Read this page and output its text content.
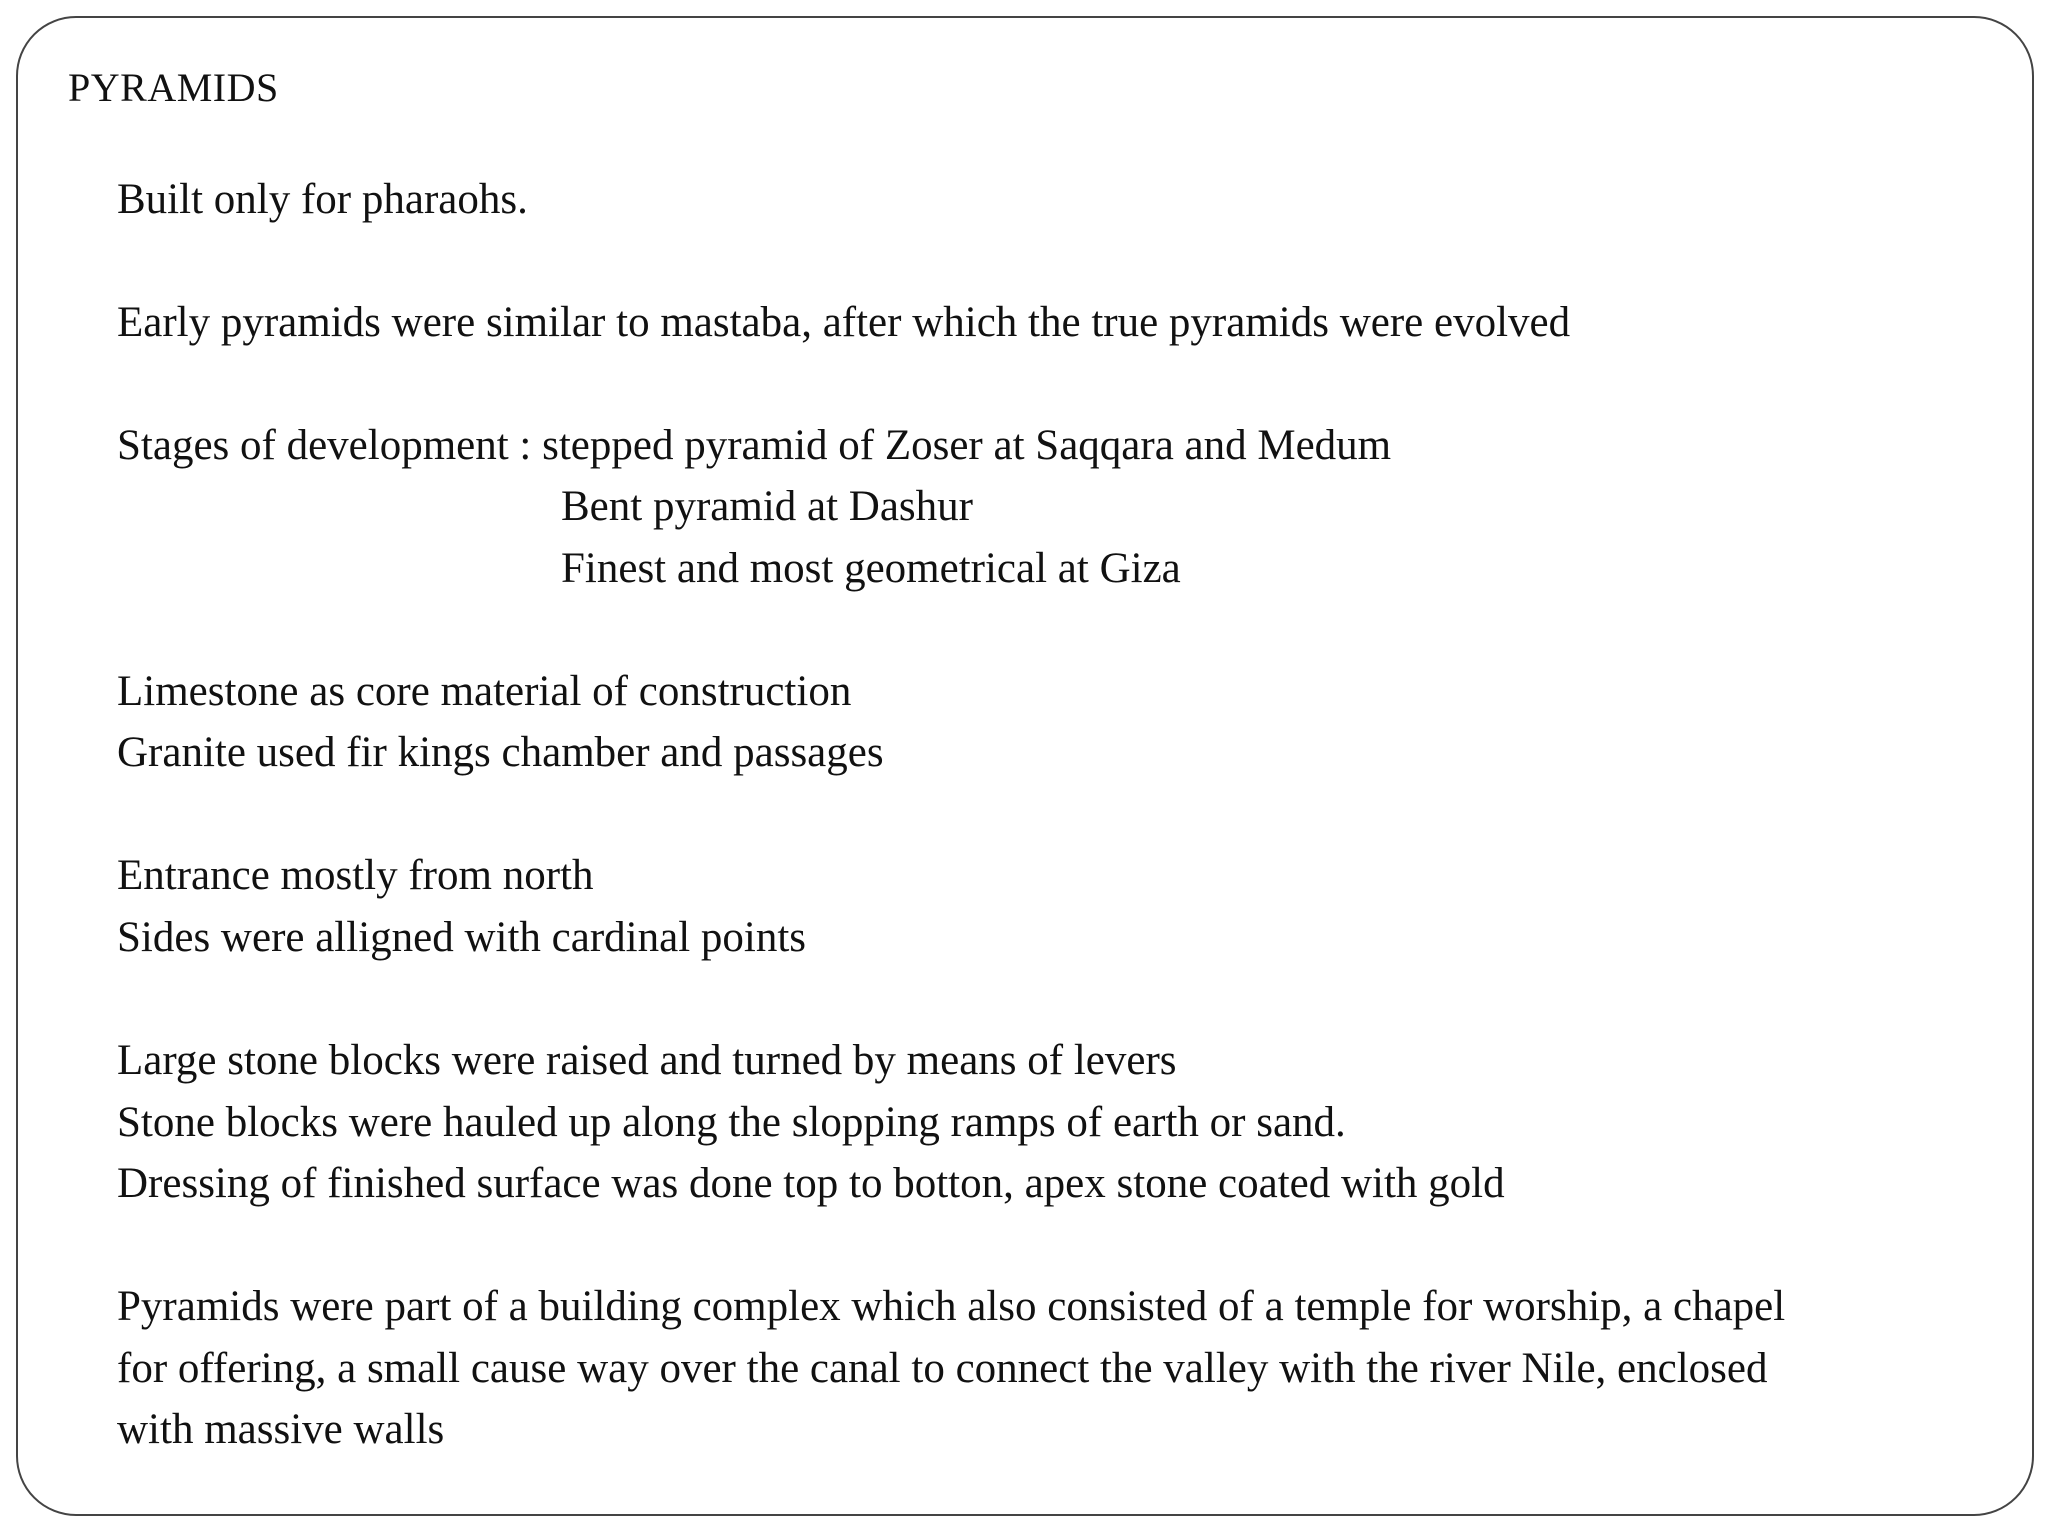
PYRAMIDS
Built only for pharaohs.
Early pyramids were similar to mastaba, after which the true pyramids were evolved
Stages of development : stepped pyramid of Zoser at Saqqara and Medum
Bent pyramid at Dashur
Finest and most geometrical at Giza
Limestone as core material of construction
Granite used fir kings chamber and passages
Entrance mostly from north
Sides were alligned with cardinal points
Large stone blocks were raised and turned by means of levers
Stone blocks were hauled up along the slopping ramps of earth or sand.
Dressing of finished surface was done top to botton, apex stone coated with gold
Pyramids were part of a building complex which also consisted of a temple for worship, a chapel
for offering, a small cause way over the canal to connect the valley with the river Nile, enclosed
with massive walls
